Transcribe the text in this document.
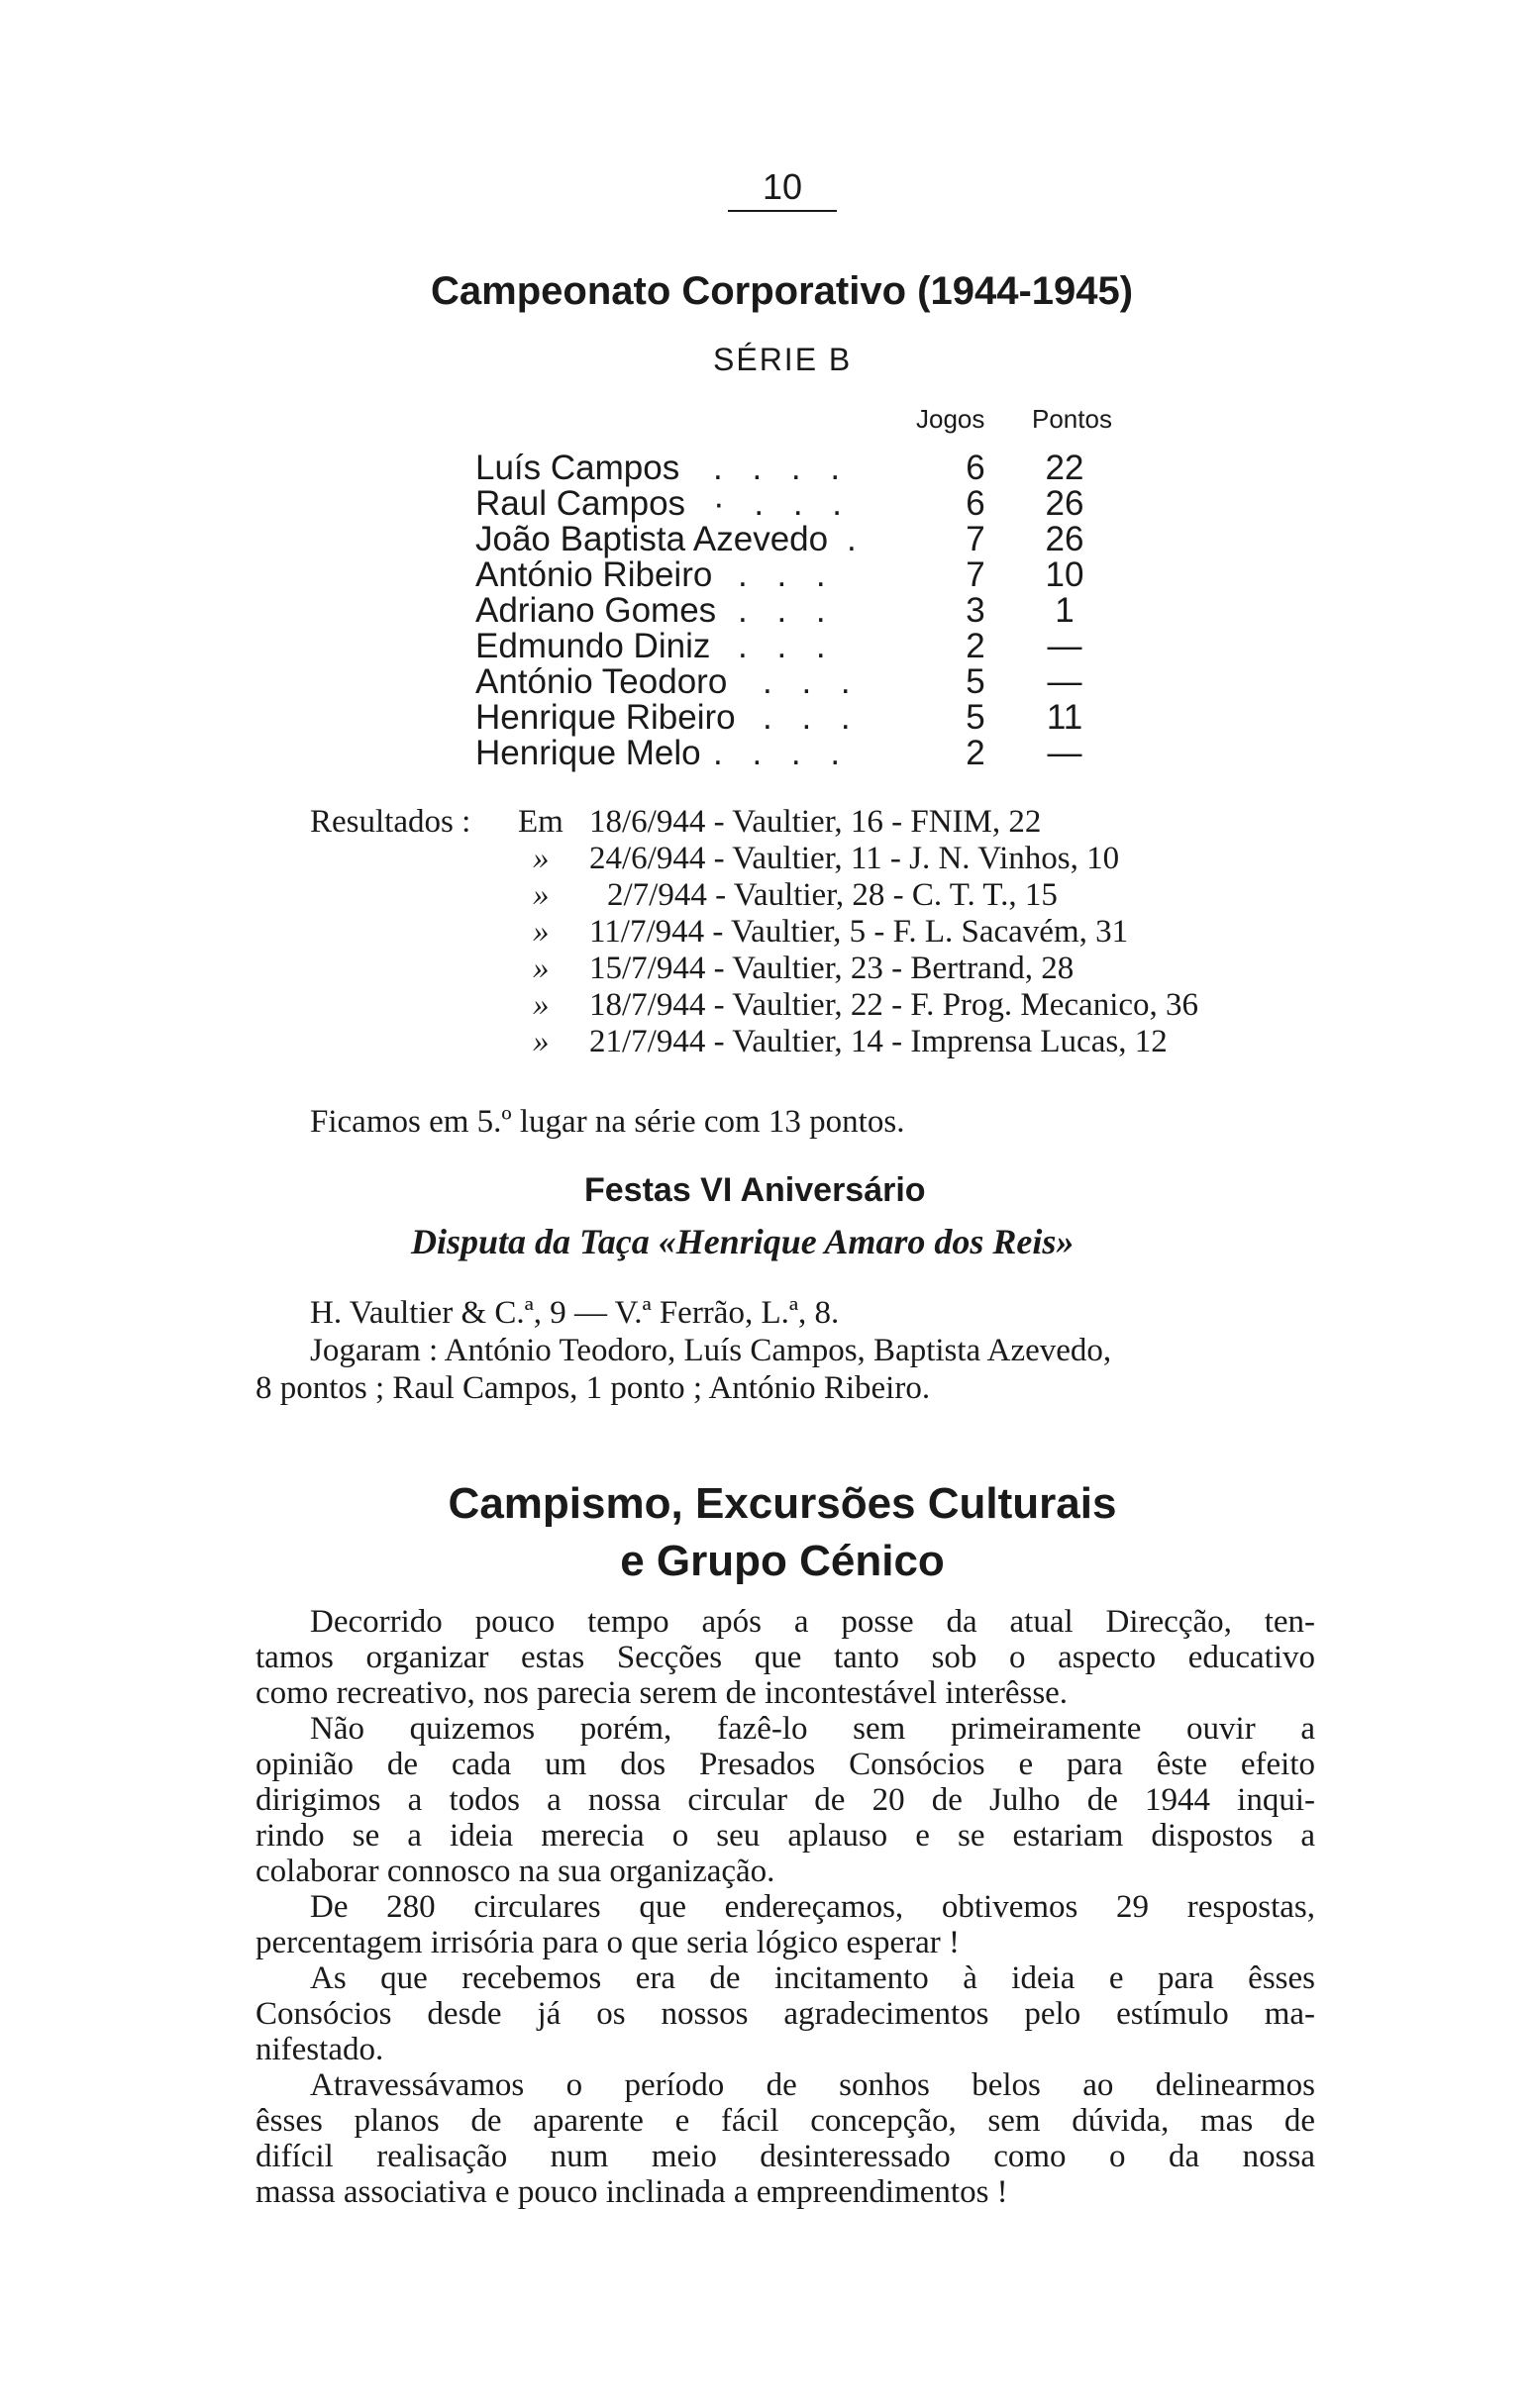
10
Campeonato Corporativo (1944-1945)
SÉRIE B
Jogos Pontos
Luís Campos . . . .	6	22
Raul Campos · . . .	6	26
João Baptista Azevedo .	7	26
António Ribeiro . . .	7	10
Adriano Gomes . . .	3	1
Edmundo Diniz . . .	2	—
António Teodoro . . .	5	—
Henrique Ribeiro . . .	5	11
Henrique Melo . . . .	2	—
Resultados : Em 18/6/944 - Vaultier, 16 - FNIM, 22
» 24/6/944 - Vaultier, 11 - J. N. Vinhos, 10
» 2/7/944 - Vaultier, 28 - C. T. T., 15
» 11/7/944 - Vaultier, 5 - F. L. Sacavém, 31
» 15/7/944 - Vaultier, 23 - Bertrand, 28
» 18/7/944 - Vaultier, 22 - F. Prog. Mecanico, 36
» 21/7/944 - Vaultier, 14 - Imprensa Lucas, 12
Ficamos em 5.º lugar na série com 13 pontos.
Festas VI Aniversário
Disputa da Taça «Henrique Amaro dos Reis»
H. Vaultier & C.ª, 9 — V.ª Ferrão, L.ª, 8.
Jogaram : António Teodoro, Luís Campos, Baptista Azevedo,
8 pontos ; Raul Campos, 1 ponto ; António Ribeiro.
Campismo, Excursões Culturais
e Grupo Cénico
Decorrido pouco tempo após a posse da atual Direcção, ten-
tamos organizar estas Secções que tanto sob o aspecto educativo
como recreativo, nos parecia serem de incontestável interêsse.
Não quizemos porém, fazê-lo sem primeiramente ouvir a
opinião de cada um dos Presados Consócios e para êste efeito
dirigimos a todos a nossa circular de 20 de Julho de 1944 inqui-
rindo se a ideia merecia o seu aplauso e se estariam dispostos a
colaborar connosco na sua organização.
De 280 circulares que endereçamos, obtivemos 29 respostas,
percentagem irrisória para o que seria lógico esperar !
As que recebemos era de incitamento à ideia e para êsses
Consócios desde já os nossos agradecimentos pelo estímulo ma-
nifestado.
Atravessávamos o período de sonhos belos ao delinearmos
êsses planos de aparente e fácil concepção, sem dúvida, mas de
difícil realisação num meio desinteressado como o da nossa
massa associativa e pouco inclinada a empreendimentos !
